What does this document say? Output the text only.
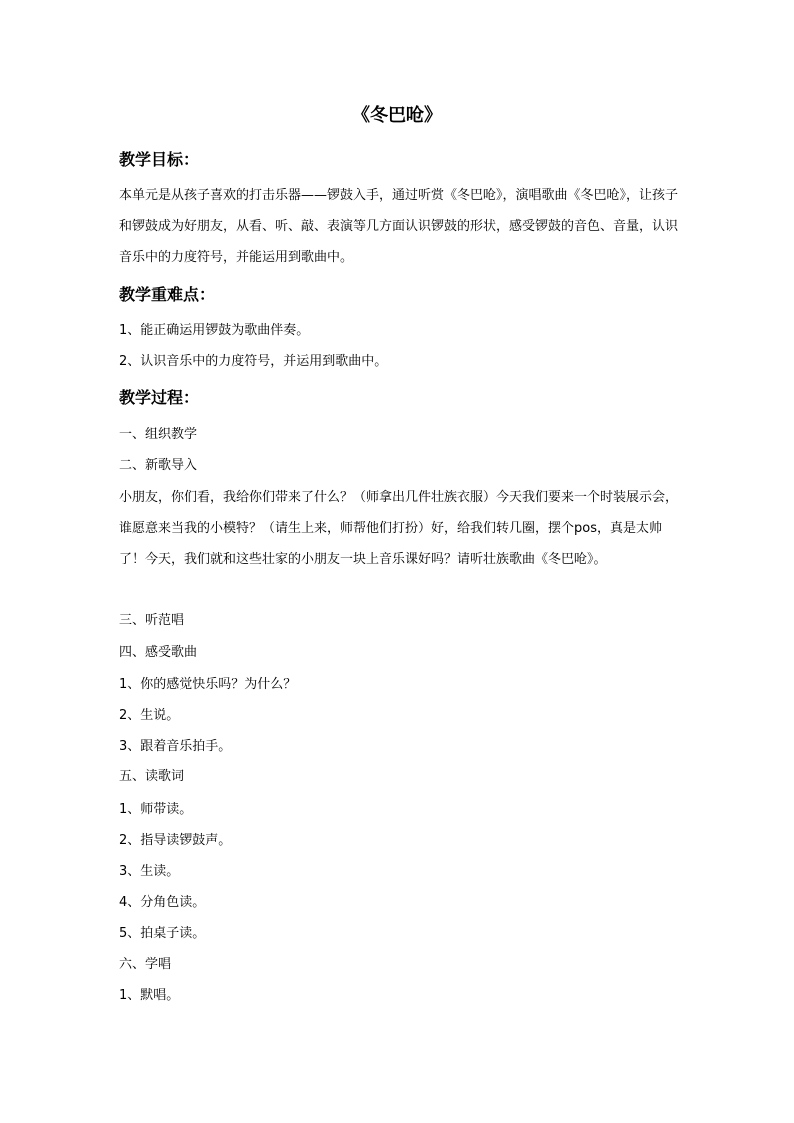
《冬巴呛》
教学目标：
本单元是从孩子喜欢的打击乐器——锣鼓入手，通过听赏《冬巴呛》，演唱歌曲《冬巴呛》，让孩子和锣鼓成为好朋友，从看、听、敲、表演等几方面认识锣鼓的形状，感受锣鼓的音色、音量，认识音乐中的力度符号，并能运用到歌曲中。
教学重难点：
1、能正确运用锣鼓为歌曲伴奏。
2、认识音乐中的力度符号，并运用到歌曲中。
教学过程：
一、组织教学
二、新歌导入
小朋友，你们看，我给你们带来了什么？（师拿出几件壮族衣服）今天我们要来一个时装展示会，谁愿意来当我的小模特？（请生上来，师帮他们打扮）好，给我们转几圈，摆个pos，真是太帅了！今天，我们就和这些壮家的小朋友一块上音乐课好吗？请听壮族歌曲《冬巴呛》。
三、听范唱
四、感受歌曲
1、你的感觉快乐吗？为什么？
2、生说。
3、跟着音乐拍手。
五、读歌词
1、师带读。
2、指导读锣鼓声。
3、生读。
4、分角色读。
5、拍桌子读。
六、学唱
1、默唱。
